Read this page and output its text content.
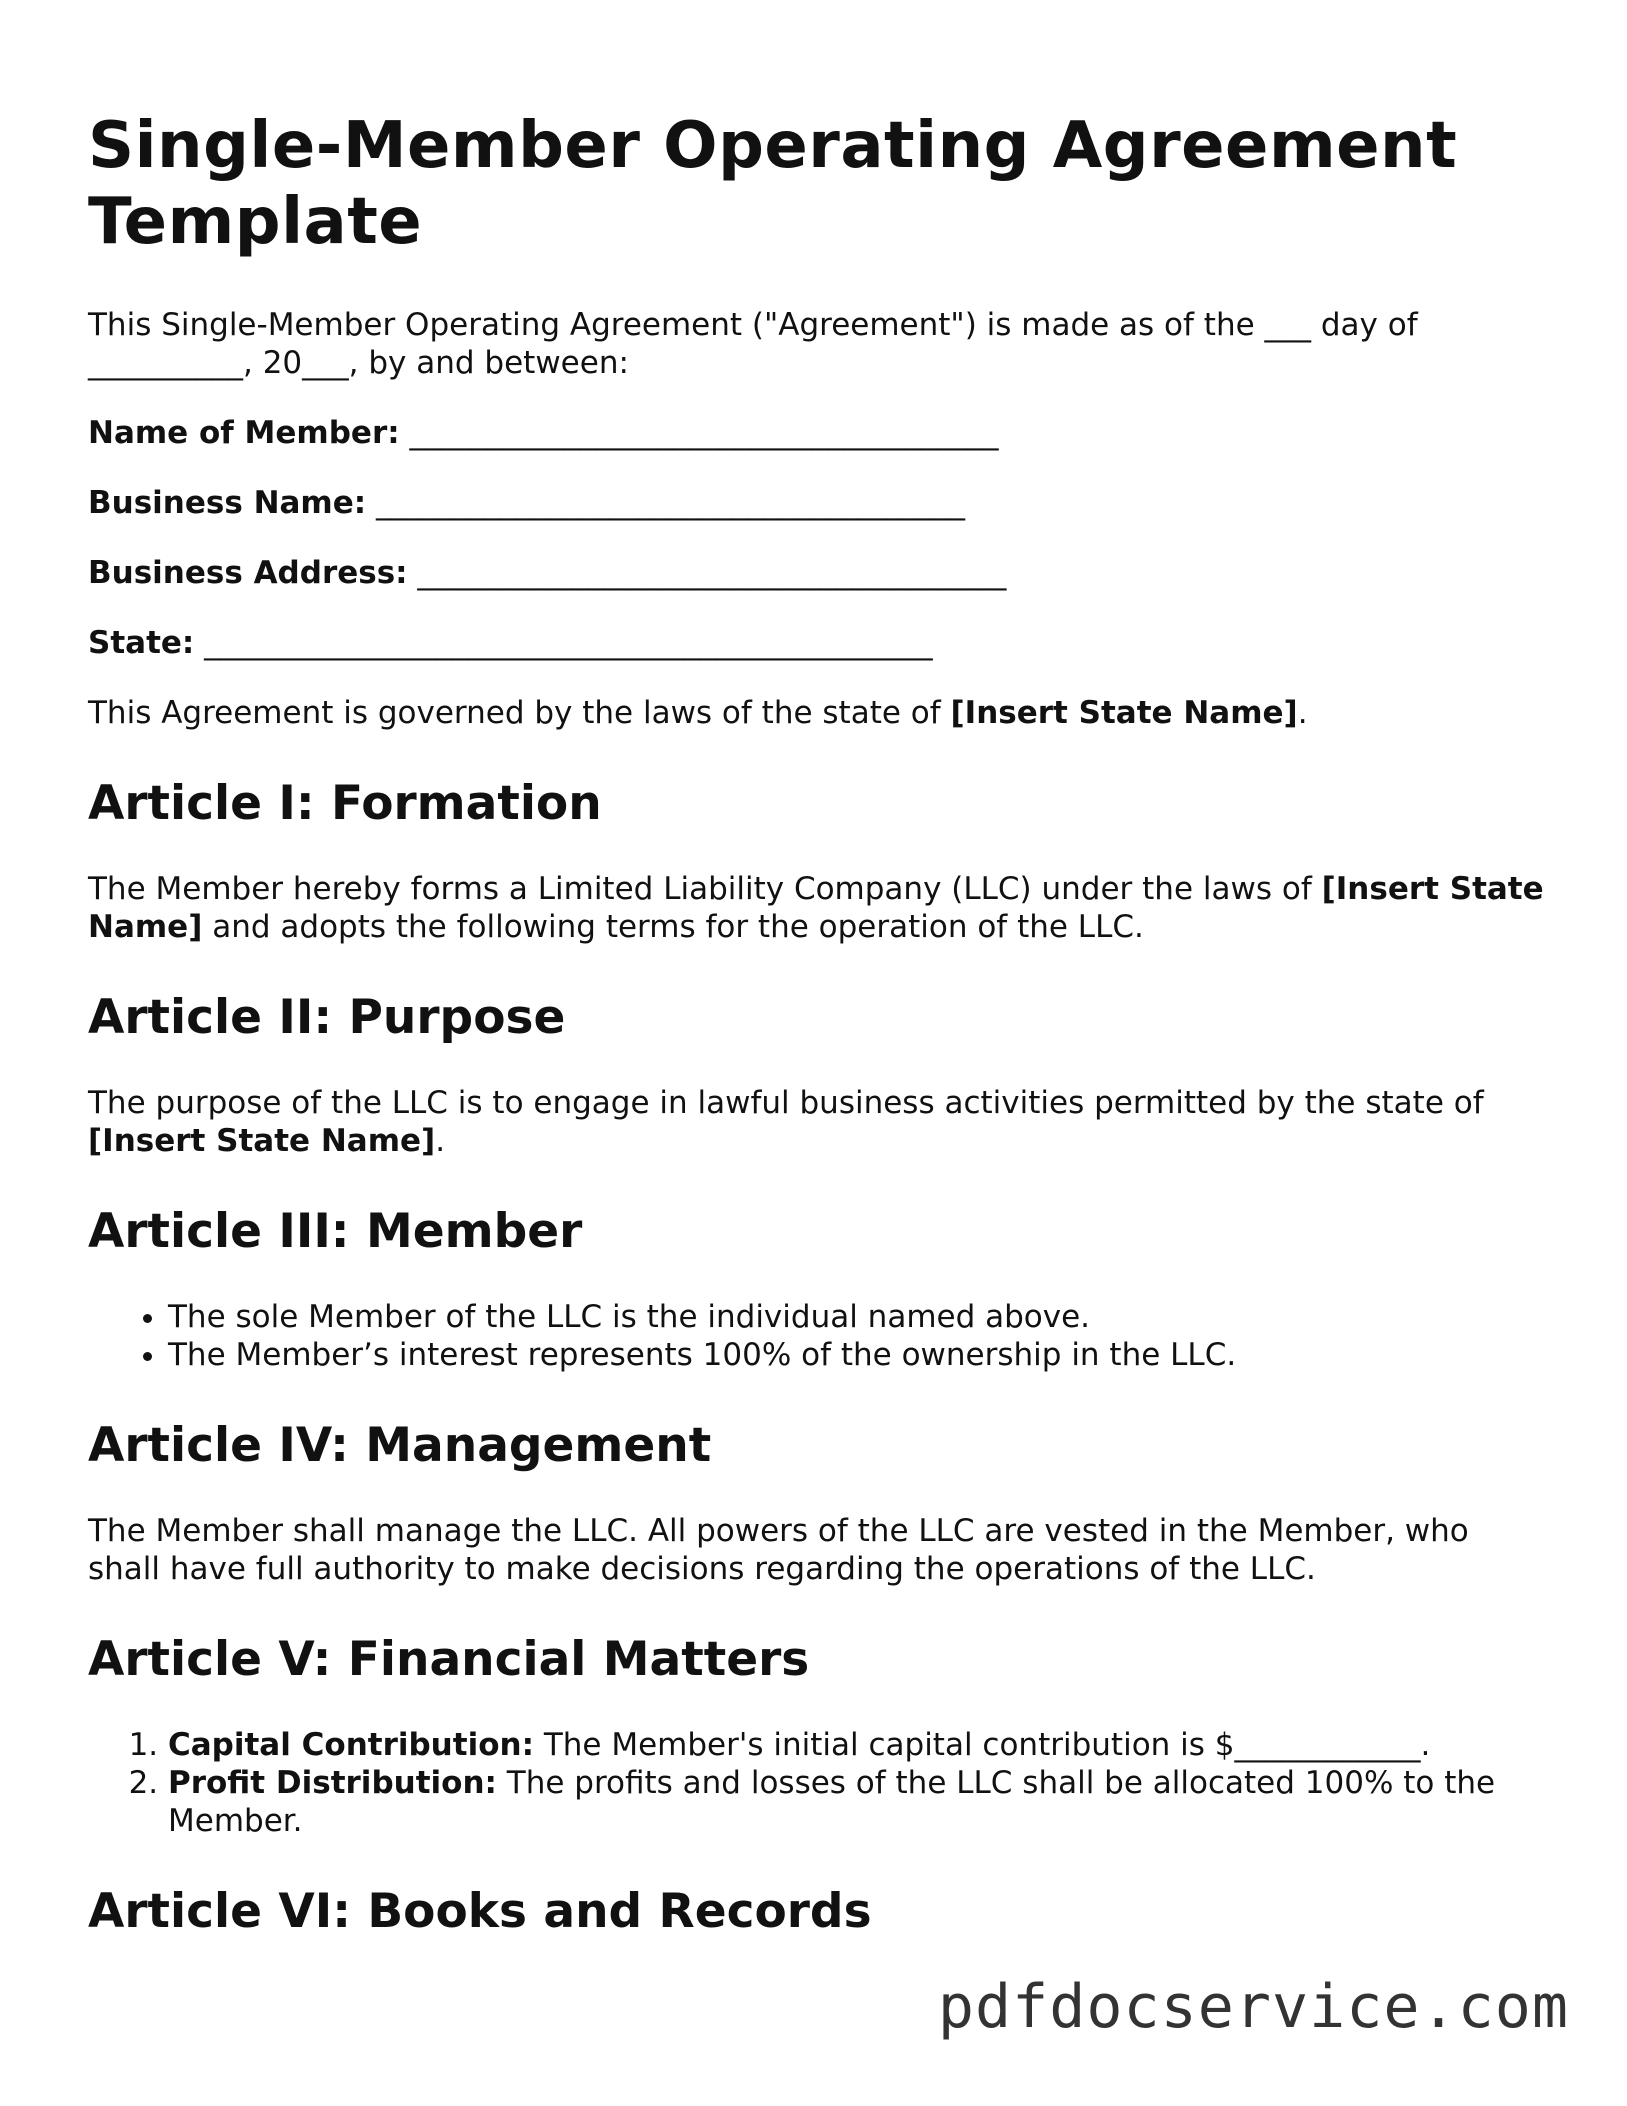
Single-Member Operating Agreement Template

This Single-Member Operating Agreement ("Agreement") is made as of the ___ day of __________, 20___, by and between:

Name of Member: ______________________________________
Business Name: ______________________________________
Business Address: ______________________________________
State: _______________________________________________

This Agreement is governed by the laws of the state of [Insert State Name].

Article I: Formation

The Member hereby forms a Limited Liability Company (LLC) under the laws of [Insert State Name] and adopts the following terms for the operation of the LLC.

Article II: Purpose

The purpose of the LLC is to engage in lawful business activities permitted by the state of [Insert State Name].

Article III: Member
• The sole Member of the LLC is the individual named above.
• The Member’s interest represents 100% of the ownership in the LLC.
Article IV: Management

The Member shall manage the LLC. All powers of the LLC are vested in the Member, who shall have full authority to make decisions regarding the operations of the LLC.

Article V: Financial Matters
1. Capital Contribution: The Member's initial capital contribution is $____________.
2. Profit Distribution: The profits and losses of the LLC shall be allocated 100% to the Member.
Article VI: Books and Records
pdfdocservice.com
